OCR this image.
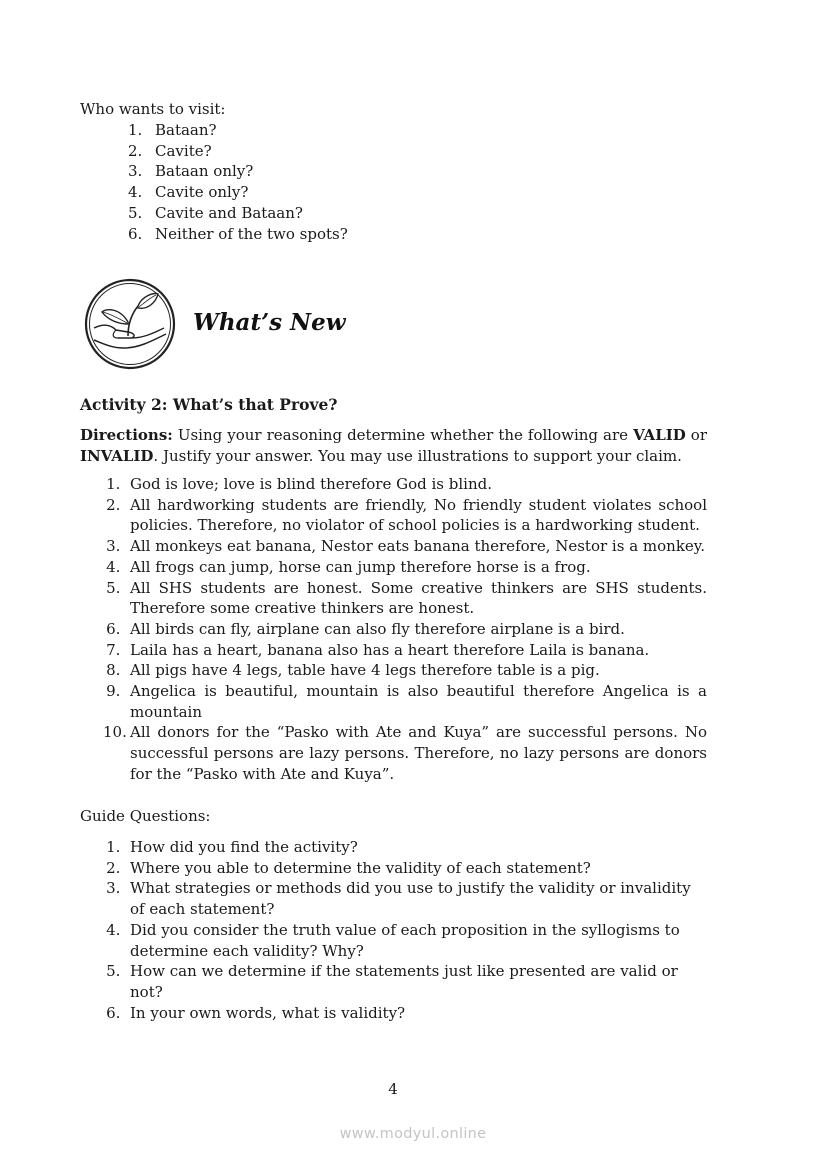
Who wants to visit:
1. Bataan?
2. Cavite?
3. Bataan only?
4. Cavite only?
5. Cavite and Bataan?
6. Neither of the two spots?
What’s New
Activity 2: What’s that Prove?
Directions: Using your reasoning determine whether the following are VALID or INVALID. Justify your answer. You may use illustrations to support your claim.
1. God is love; love is blind therefore God is blind.
2. All hardworking students are friendly, No friendly student violates school policies. Therefore, no violator of school policies is a hardworking student.
3. All monkeys eat banana, Nestor eats banana therefore, Nestor is a monkey.
4. All frogs can jump, horse can jump therefore horse is a frog.
5. All SHS students are honest. Some creative thinkers are SHS students. Therefore some creative thinkers are honest.
6. All birds can fly, airplane can also fly therefore airplane is a bird.
7. Laila has a heart, banana also has a heart therefore Laila is banana.
8. All pigs have 4 legs, table have 4 legs therefore table is a pig.
9. Angelica is beautiful, mountain is also beautiful therefore Angelica is a mountain
10. All donors for the “Pasko with Ate and Kuya” are successful persons. No successful persons are lazy persons. Therefore, no lazy persons are donors for the “Pasko with Ate and Kuya”.
Guide Questions:
1. How did you find the activity?
2. Where you able to determine the validity of each statement?
3. What strategies or methods did you use to justify the validity or invalidity of each statement?
4. Did you consider the truth value of each proposition in the syllogisms to determine each validity? Why?
5. How can we determine if the statements just like presented are valid or not?
6. In your own words, what is validity?
4
www.modyul.online
